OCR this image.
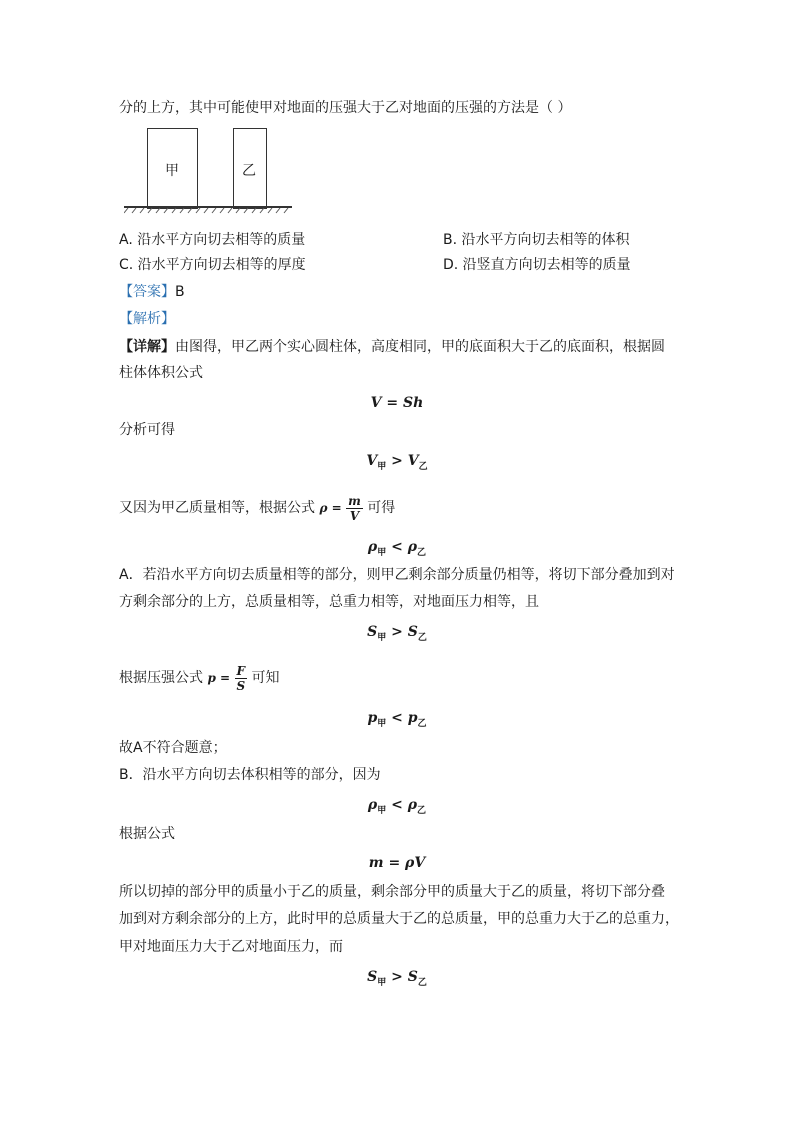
分的上方，其中可能使甲对地面的压强大于乙对地面的压强的方法是（ ）
甲	乙
A. 沿水平方向切去相等的质量	B. 沿水平方向切去相等的体积
C. 沿水平方向切去相等的厚度	D. 沿竖直方向切去相等的质量
【答案】B
【解析】
【详解】由图得，甲乙两个实心圆柱体，高度相同，甲的底面积大于乙的底面积，根据圆
柱体体积公式
V = Sh
分析可得
$V_甲 > V_乙$
又因为甲乙质量相等，根据公式 $\rho = \frac{m}{V}$ 可得
$\rho_甲 < \rho_乙$
A．若沿水平方向切去质量相等的部分，则甲乙剩余部分质量仍相等，将切下部分叠加到对
方剩余部分的上方，总质量相等，总重力相等，对地面压力相等，且
$S_甲 > S_乙$
根据压强公式 $p = \frac{F}{S}$ 可知
$p_甲 < p_乙$
故A不符合题意；
B．沿水平方向切去体积相等的部分，因为
$\rho_甲 < \rho_乙$
根据公式
m = ρV
所以切掉的部分甲的质量小于乙的质量，剩余部分甲的质量大于乙的质量，将切下部分叠
加到对方剩余部分的上方，此时甲的总质量大于乙的总质量，甲的总重力大于乙的总重力，
甲对地面压力大于乙对地面压力，而
$S_甲 > S_乙$
